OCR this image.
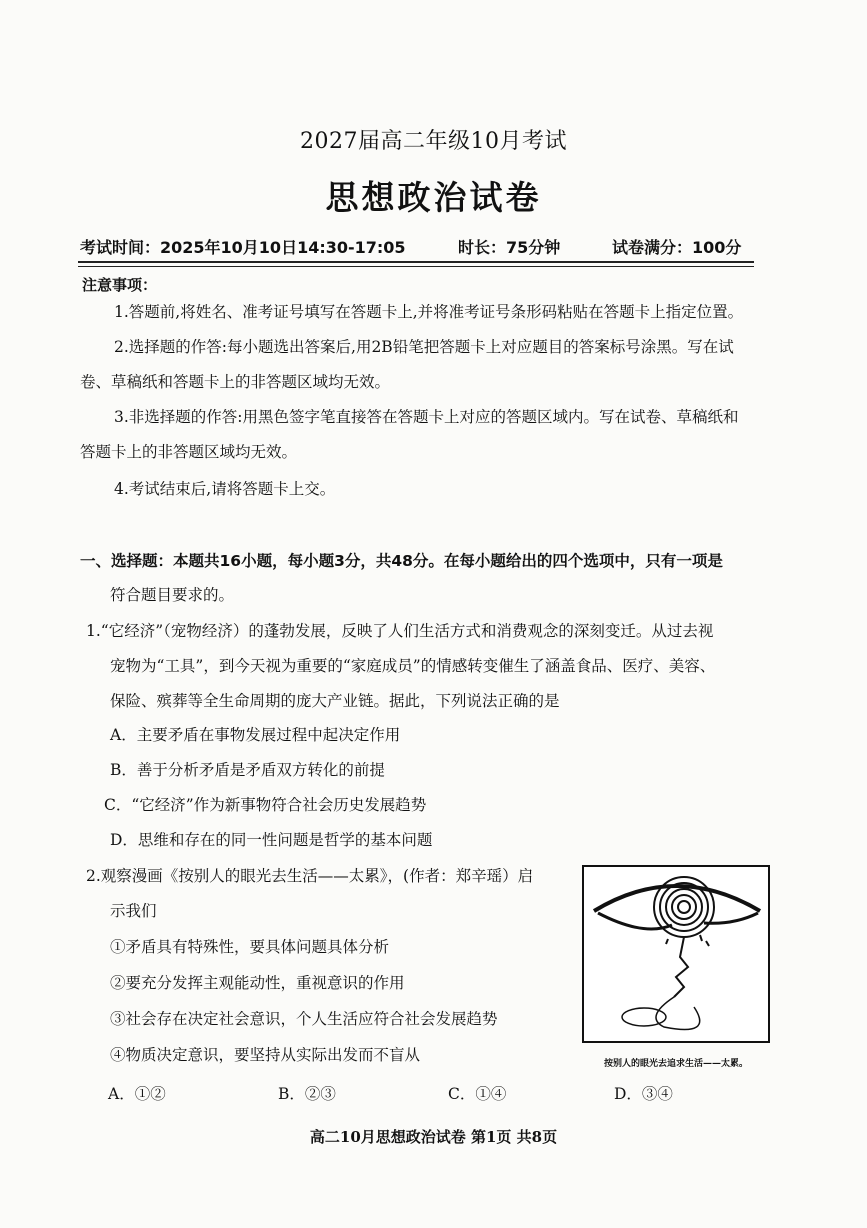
2027届高二年级10月考试
思想政治试卷
考试时间：2025年10月10日14:30-17:05	时长：75分钟	试卷满分：100分
注意事项：
1.答题前,将姓名、准考证号填写在答题卡上,并将准考证号条形码粘贴在答题卡上指定位置。
2.选择题的作答:每小题选出答案后,用2B铅笔把答题卡上对应题目的答案标号涂黑。写在试
卷、草稿纸和答题卡上的非答题区域均无效。
3.非选择题的作答:用黑色签字笔直接答在答题卡上对应的答题区域内。写在试卷、草稿纸和
答题卡上的非答题区域均无效。
4.考试结束后,请将答题卡上交。
一、选择题：本题共16小题，每小题3分，共48分。在每小题给出的四个选项中，只有一项是
符合题目要求的。
1.“它经济”（宠物经济）的蓬勃发展，反映了人们生活方式和消费观念的深刻变迁。从过去视
宠物为“工具”，到今天视为重要的“家庭成员”的情感转变催生了涵盖食品、医疗、美容、
保险、殡葬等全生命周期的庞大产业链。据此，下列说法正确的是
A．主要矛盾在事物发展过程中起决定作用
B．善于分析矛盾是矛盾双方转化的前提
C．“它经济”作为新事物符合社会历史发展趋势
D．思维和存在的同一性问题是哲学的基本问题
2.观察漫画《按别人的眼光去生活——太累》，(作者：郑辛瑶）启
示我们
①矛盾具有特殊性，要具体问题具体分析
②要充分发挥主观能动性，重视意识的作用
③社会存在决定社会意识，个人生活应符合社会发展趋势
④物质决定意识，要坚持从实际出发而不盲从
A．①②	B．②③	C．①④	D．③④
按别人的眼光去追求生活——太累。
高二10月思想政治试卷 第1页 共8页
